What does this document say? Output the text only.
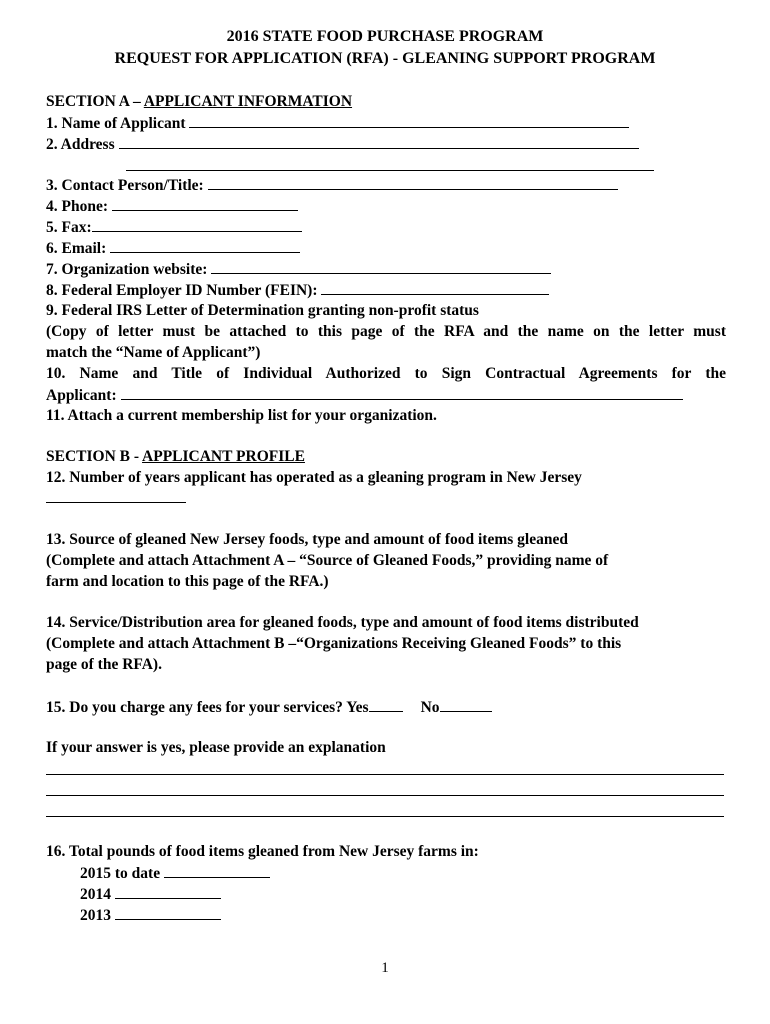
2016 STATE FOOD PURCHASE PROGRAM
REQUEST FOR APPLICATION (RFA) - GLEANING SUPPORT PROGRAM
SECTION A – APPLICANT INFORMATION
1. Name of Applicant
2. Address
3. Contact Person/Title:
4. Phone:
5. Fax:
6. Email:
7. Organization website:
8. Federal Employer ID Number (FEIN):
9. Federal IRS Letter of Determination granting non-profit status
(Copy of letter must be attached to this page of the RFA and the name on the letter must
match the “Name of Applicant”)
10. Name and Title of Individual Authorized to Sign Contractual Agreements for the
Applicant:
11. Attach a current membership list for your organization.
SECTION B - APPLICANT PROFILE
12. Number of years applicant has operated as a gleaning program in New Jersey
13. Source of gleaned New Jersey foods, type and amount of food items gleaned
(Complete and attach Attachment A – “Source of Gleaned Foods,” providing name of
farm and location to this page of the RFA.)
14. Service/Distribution area for gleaned foods, type and amount of food items distributed
(Complete and attach Attachment B –“Organizations Receiving Gleaned Foods” to this
page of the RFA).
15. Do you charge any fees for your services? Yes	No
If your answer is yes, please provide an explanation
16. Total pounds of food items gleaned from New Jersey farms in:
2015 to date
2014
2013
1
